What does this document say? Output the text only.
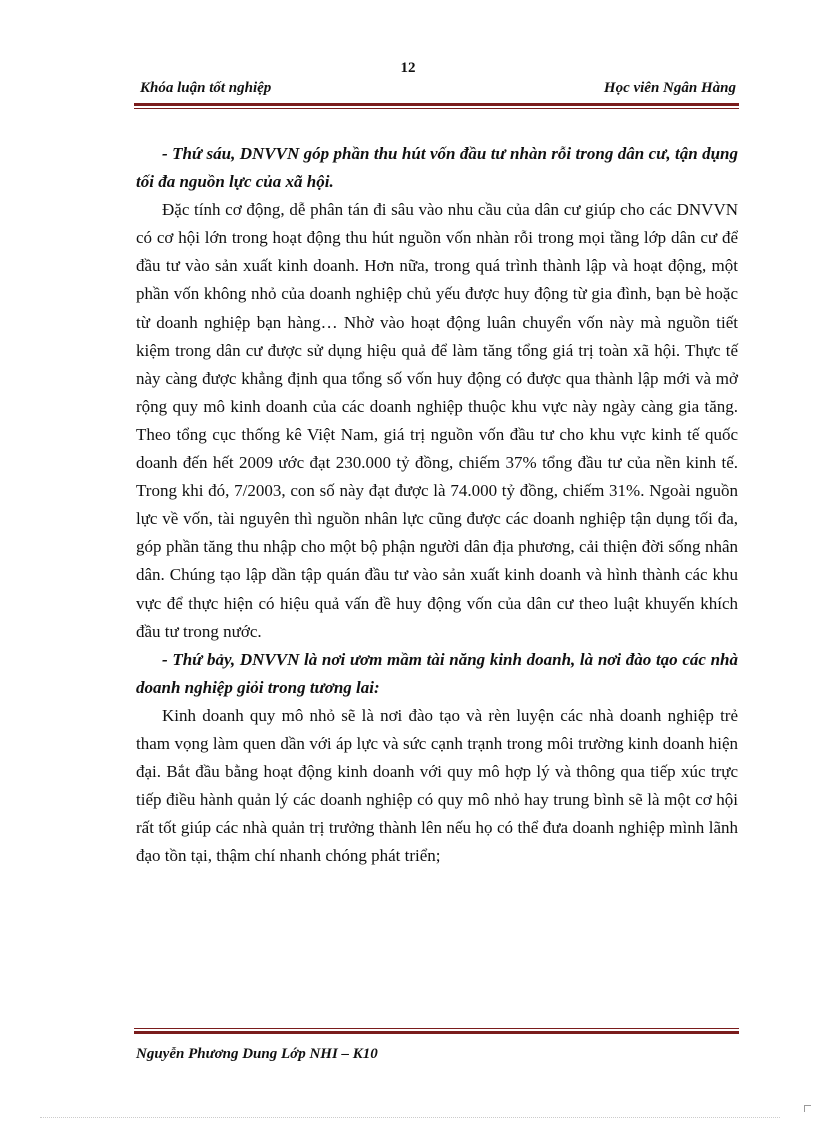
12
Khóa luận tốt nghiệp	Học viên Ngân Hàng

- Thứ sáu, DNVVN góp phần thu hút vốn đầu tư nhàn rỗi trong dân cư, tận dụng tối đa nguồn lực của xã hội.

Đặc tính cơ động, dễ phân tán đi sâu vào nhu cầu của dân cư giúp cho các DNVVN có cơ hội lớn trong hoạt động thu hút nguồn vốn nhàn rỗi trong mọi tầng lớp dân cư để đầu tư vào sản xuất kinh doanh. Hơn nữa, trong quá trình thành lập và hoạt động, một phần vốn không nhỏ của doanh nghiệp chủ yếu được huy động từ gia đình, bạn bè hoặc từ doanh nghiệp bạn hàng… Nhờ vào hoạt động luân chuyển vốn này mà nguồn tiết kiệm trong dân cư được sử dụng hiệu quả để làm tăng tổng giá trị toàn xã hội. Thực tế này càng được khẳng định qua tổng số vốn huy động có được qua thành lập mới và mở rộng quy mô kinh doanh của các doanh nghiệp thuộc khu vực này ngày càng gia tăng. Theo tổng cục thống kê Việt Nam, giá trị nguồn vốn đầu tư cho khu vực kinh tế quốc doanh đến hết 2009 ước đạt 230.000 tỷ đồng, chiếm 37% tổng đầu tư của nền kinh tế. Trong khi đó, 7/2003, con số này đạt được là 74.000 tỷ đồng, chiếm 31%. Ngoài nguồn lực về vốn, tài nguyên thì nguồn nhân lực cũng được các doanh nghiệp tận dụng tối đa, góp phần tăng thu nhập cho một bộ phận người dân địa phương, cải thiện đời sống nhân dân. Chúng tạo lập dần tập quán đầu tư vào sản xuất kinh doanh và hình thành các khu vực để thực hiện có hiệu quả vấn đề huy động vốn của dân cư theo luật khuyến khích đầu tư trong nước.

- Thứ bảy, DNVVN là nơi ươm mầm tài năng kinh doanh, là nơi đào tạo các nhà doanh nghiệp giỏi trong tương lai:

Kinh doanh quy mô nhỏ sẽ là nơi đào tạo và rèn luyện các nhà doanh nghiệp trẻ tham vọng làm quen dần với áp lực và sức cạnh trạnh trong môi trường kinh doanh hiện đại. Bắt đầu bằng hoạt động kinh doanh với quy mô hợp lý và thông qua tiếp xúc trực tiếp điều hành quản lý các doanh nghiệp có quy mô nhỏ hay trung bình sẽ là một cơ hội rất tốt giúp các nhà quản trị trưởng thành lên nếu họ có thể đưa doanh nghiệp mình lãnh đạo tồn tại, thậm chí nhanh chóng phát triển;

Nguyễn Phương Dung Lớp NHI – K10
